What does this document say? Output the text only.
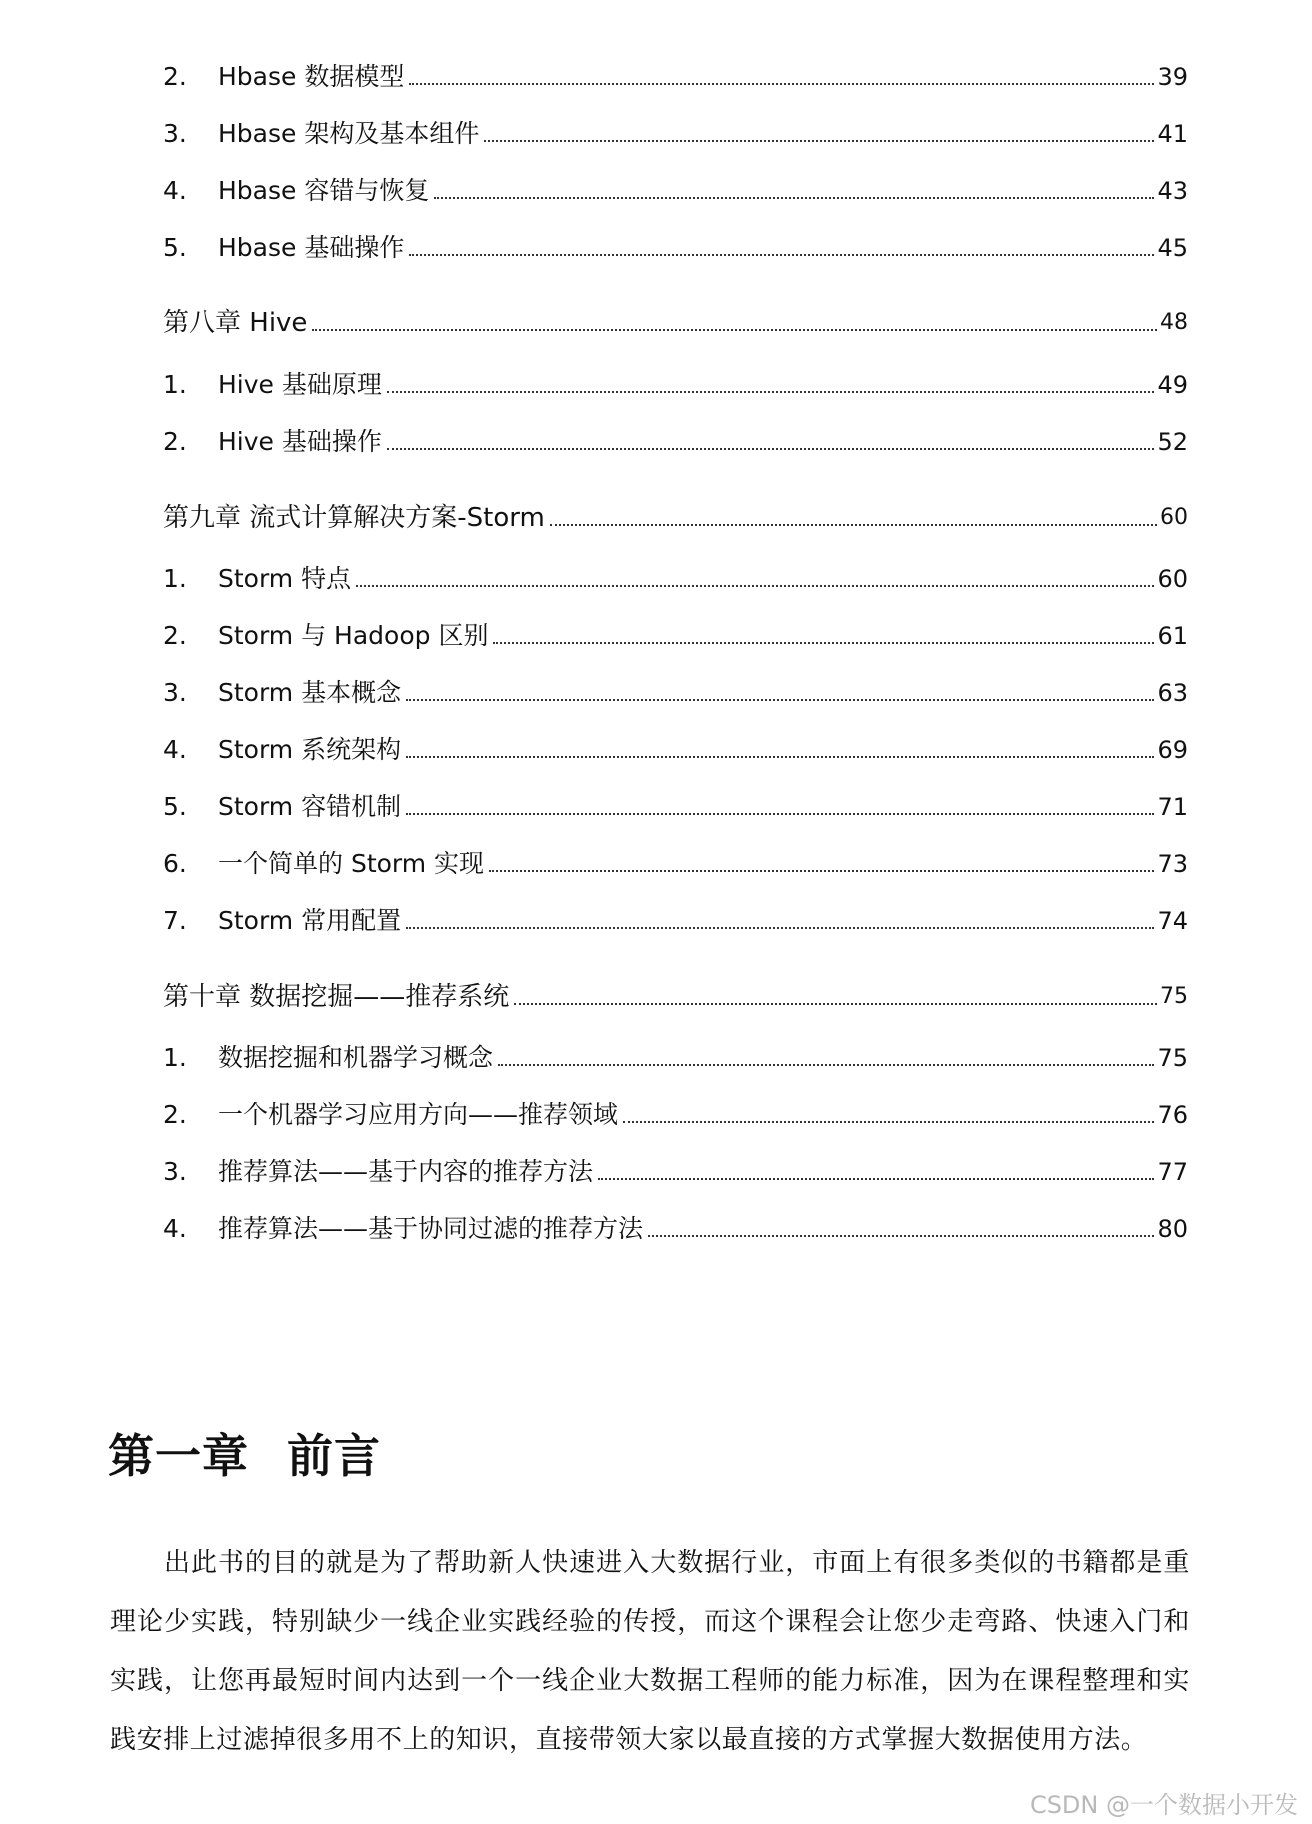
2.	Hbase 数据模型	39
3.	Hbase 架构及基本组件	41
4.	Hbase 容错与恢复	43
5.	Hbase 基础操作	45
第八章 Hive	48
1.	Hive 基础原理	49
2.	Hive 基础操作	52
第九章 流式计算解决方案-Storm	60
1.	Storm 特点	60
2.	Storm 与 Hadoop 区别	61
3.	Storm 基本概念	63
4.	Storm 系统架构	69
5.	Storm 容错机制	71
6.	一个简单的 Storm 实现	73
7.	Storm 常用配置	74
第十章 数据挖掘——推荐系统	75
1.	数据挖掘和机器学习概念	75
2.	一个机器学习应用方向——推荐领域	76
3.	推荐算法——基于内容的推荐方法	77
4.	推荐算法——基于协同过滤的推荐方法	80
第一章 前言

出此书的目的就是为了帮助新人快速进入大数据行业，市面上有很多类似的书籍都是重理论少实践，特别缺少一线企业实践经验的传授，而这个课程会让您少走弯路、快速入门和实践，让您再最短时间内达到一个一线企业大数据工程师的能力标准，因为在课程整理和实践安排上过滤掉很多用不上的知识，直接带领大家以最直接的方式掌握大数据使用方法。

CSDN @一个数据小开发
